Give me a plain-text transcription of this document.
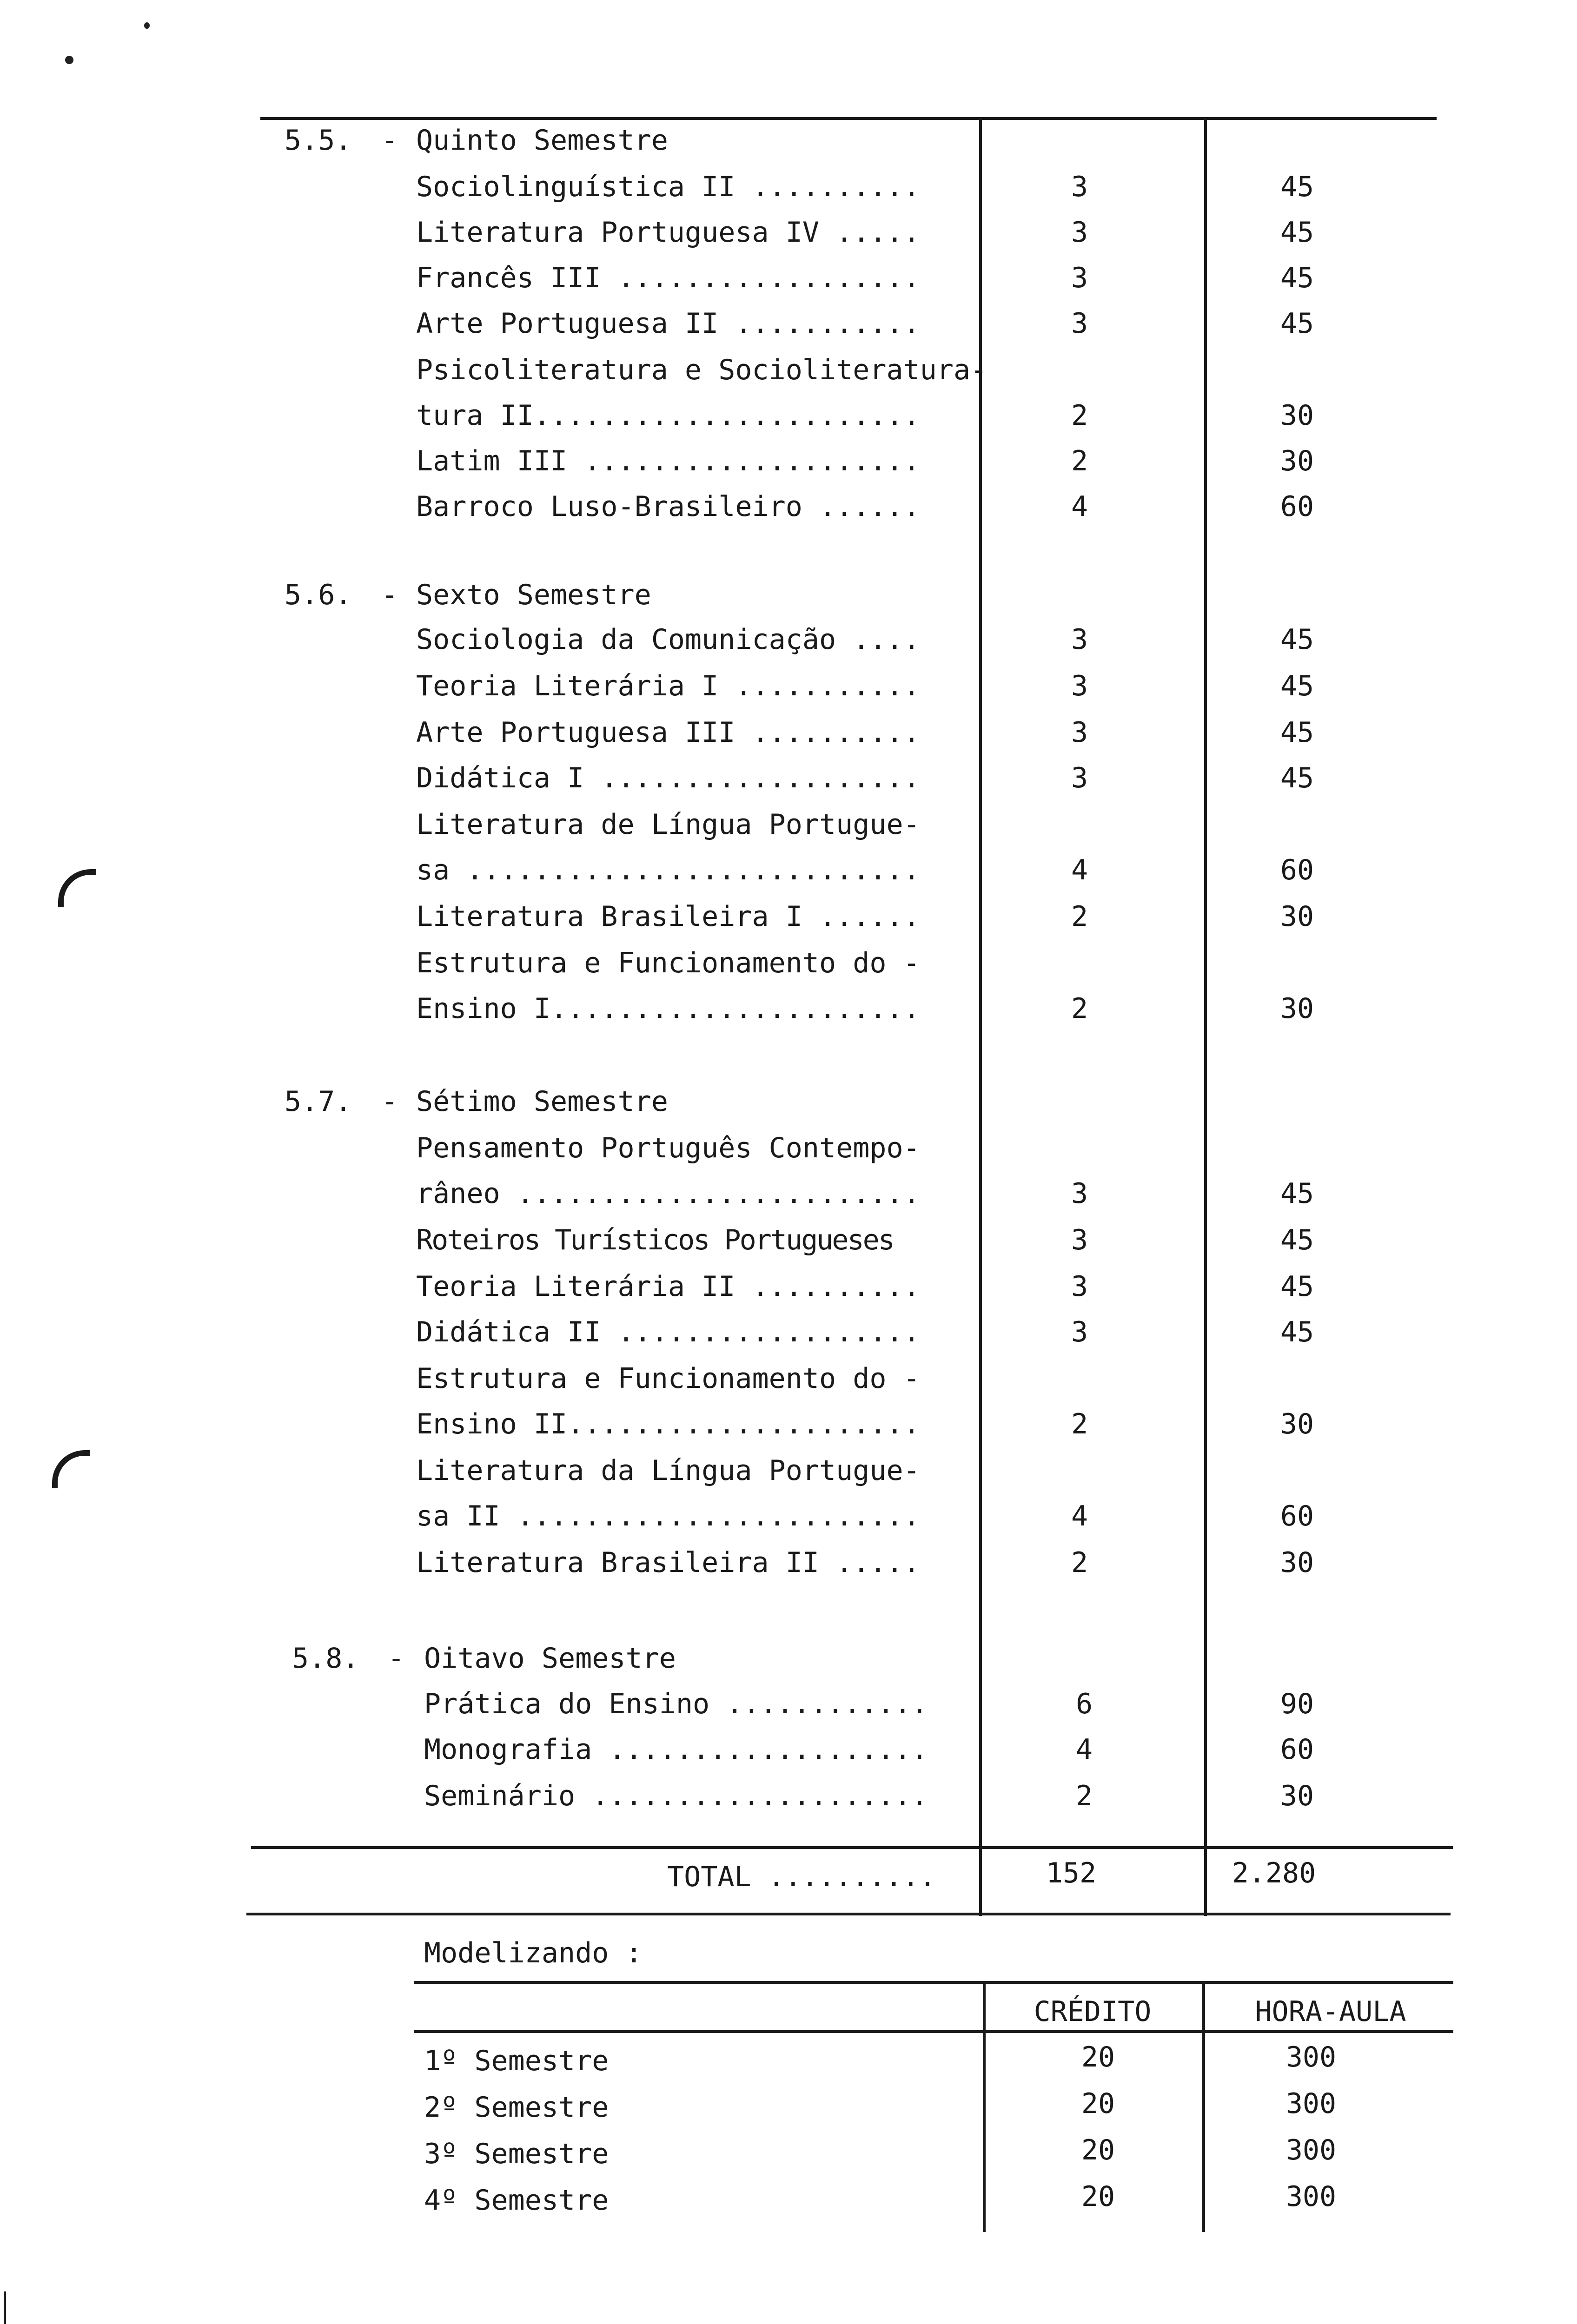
5.5. - Quinto Semestre
Sociolinguística II ..........	3	45
Literatura Portuguesa IV .....	3	45
Francês III ..................	3	45
Arte Portuguesa II ...........	3	45
Psicoliteratura e Socioliteratura-
tura II.......................	2	30
Latim III ....................	2	30
Barroco Luso-Brasileiro ......	4	60
5.6. - Sexto Semestre
Sociologia da Comunicação ....	3	45
Teoria Literária I ...........	3	45
Arte Portuguesa III ..........	3	45
Didática I ...................	3	45
Literatura de Língua Portugue-
sa ...........................	4	60
Literatura Brasileira I ......	2	30
Estrutura e Funcionamento do -
Ensino I......................	2	30
5.7. - Sétimo Semestre
Pensamento Português Contempo-
râneo ........................	3	45
Roteiros Turísticos Portugueses	3	45
Teoria Literária II ..........	3	45
Didática II ..................	3	45
Estrutura e Funcionamento do -
Ensino II.....................	2	30
Literatura da Língua Portugue-
sa II ........................	4	60
Literatura Brasileira II .....	2	30
5.8. - Oitavo Semestre
Prática do Ensino ............	6	90
Monografia ...................	4	60
Seminário ....................	2	30
TOTAL ..........	152	2.280
Modelizando :
CRÉDITO	HORA-AULA
1º Semestre	20	300
2º Semestre	20	300
3º Semestre	20	300
4º Semestre	20	300
